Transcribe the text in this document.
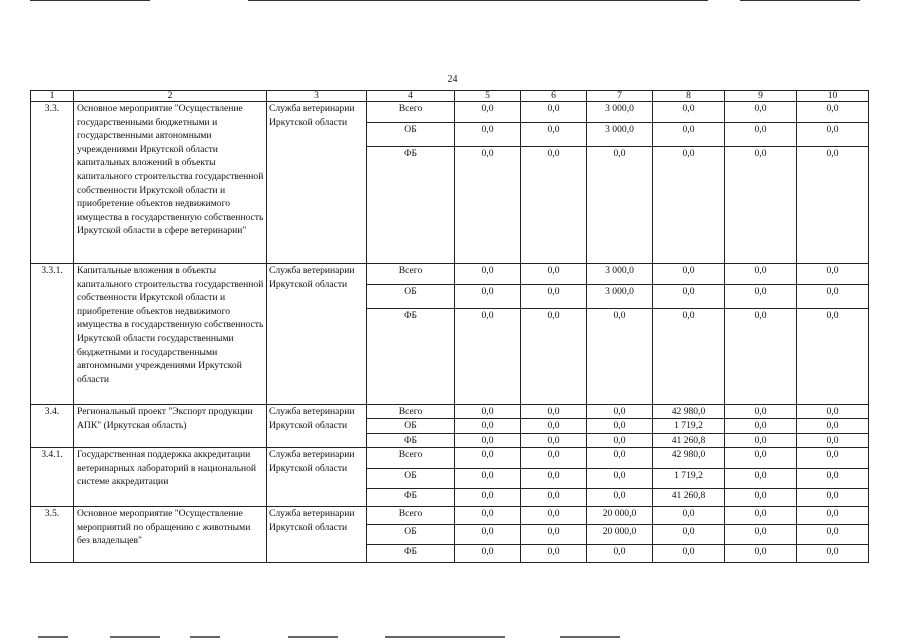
24
1	2	3	4	5	6	7	8	9	10
3.3.	Основное мероприятие "Осуществление государственными бюджетными и государственными автономными учреждениями Иркутской области капитальных вложений в объекты капитального строительства государственной собственности Иркутской области и приобретение объектов недвижимого имущества в государственную собственность Иркутской области в сфере ветеринарии"	Служба ветеринарии Иркутской области	Всего	0,0	0,0	3 000,0	0,0	0,0	0,0
			ОБ	0,0	0,0	3 000,0	0,0	0,0	0,0
			ФБ	0,0	0,0	0,0	0,0	0,0	0,0
3.3.1.	Капитальные вложения в объекты капитального строительства государственной собственности Иркутской области и приобретение объектов недвижимого имущества в государственную собственность Иркутской области государственными бюджетными и государственными автономными учреждениями Иркутской области	Служба ветеринарии Иркутской области	Всего	0,0	0,0	3 000,0	0,0	0,0	0,0
			ОБ	0,0	0,0	3 000,0	0,0	0,0	0,0
			ФБ	0,0	0,0	0,0	0,0	0,0	0,0
3.4.	Региональный проект "Экспорт продукции АПК" (Иркутская область)	Служба ветеринарии Иркутской области	Всего	0,0	0,0	0,0	42 980,0	0,0	0,0
			ОБ	0,0	0,0	0,0	1 719,2	0,0	0,0
			ФБ	0,0	0,0	0,0	41 260,8	0,0	0,0
3.4.1.	Государственная поддержка аккредитации ветеринарных лабораторий в национальной системе аккредитации	Служба ветеринарии Иркутской области	Всего	0,0	0,0	0,0	42 980,0	0,0	0,0
			ОБ	0,0	0,0	0,0	1 719,2	0,0	0,0
			ФБ	0,0	0,0	0,0	41 260,8	0,0	0,0
3.5.	Основное мероприятие "Осуществление мероприятий по обращению с животными без владельцев"	Служба ветеринарии Иркутской области	Всего	0,0	0,0	20 000,0	0,0	0,0	0,0
			ОБ	0,0	0,0	20 000,0	0,0	0,0	0,0
			ФБ	0,0	0,0	0,0	0,0	0,0	0,0
